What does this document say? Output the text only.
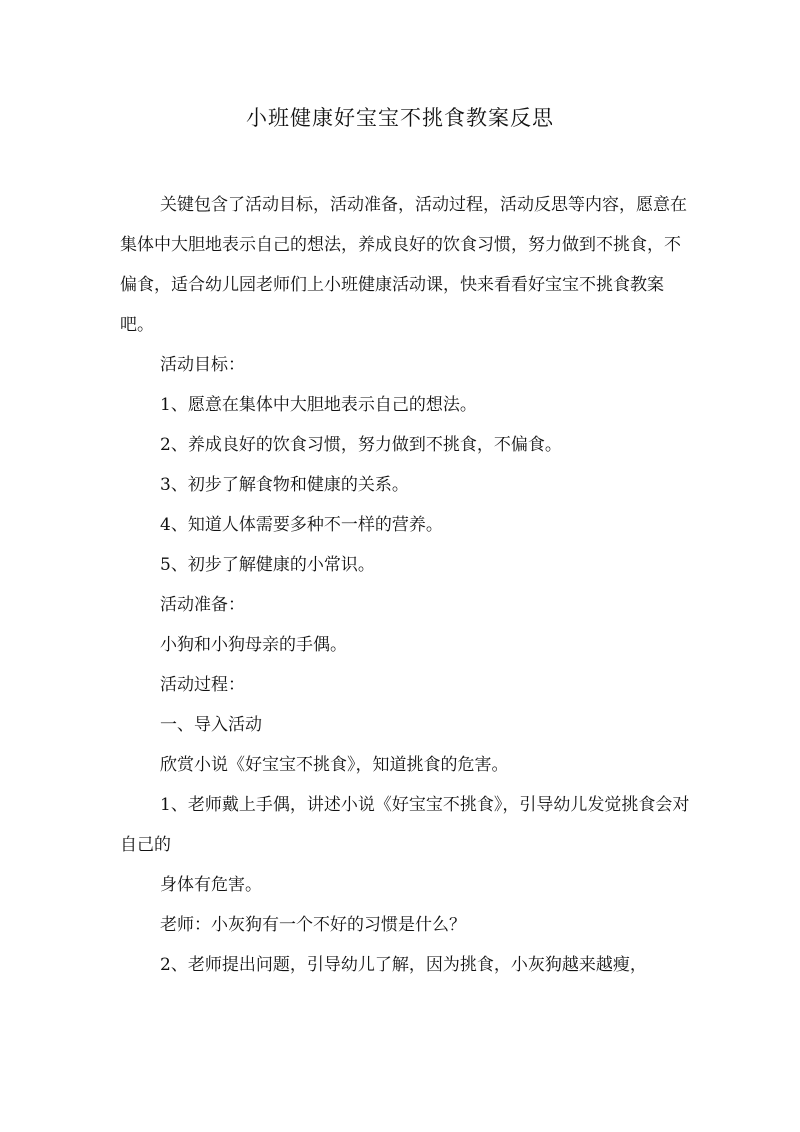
小班健康好宝宝不挑食教案反思

关键包含了活动目标，活动准备，活动过程，活动反思等内容，愿意在集体中大胆地表示自己的想法，养成良好的饮食习惯，努力做到不挑食，不偏食，适合幼儿园老师们上小班健康活动课，快来看看好宝宝不挑食教案吧。

活动目标：

1、愿意在集体中大胆地表示自己的想法。

2、养成良好的饮食习惯，努力做到不挑食，不偏食。

3、初步了解食物和健康的关系。

4、知道人体需要多种不一样的营养。

5、初步了解健康的小常识。

活动准备：

小狗和小狗母亲的手偶。

活动过程：

一、导入活动

欣赏小说《好宝宝不挑食》，知道挑食的危害。

1、老师戴上手偶，讲述小说《好宝宝不挑食》，引导幼儿发觉挑食会对自己的

身体有危害。

老师：小灰狗有一个不好的习惯是什么？

2、老师提出问题，引导幼儿了解，因为挑食，小灰狗越来越瘦，
